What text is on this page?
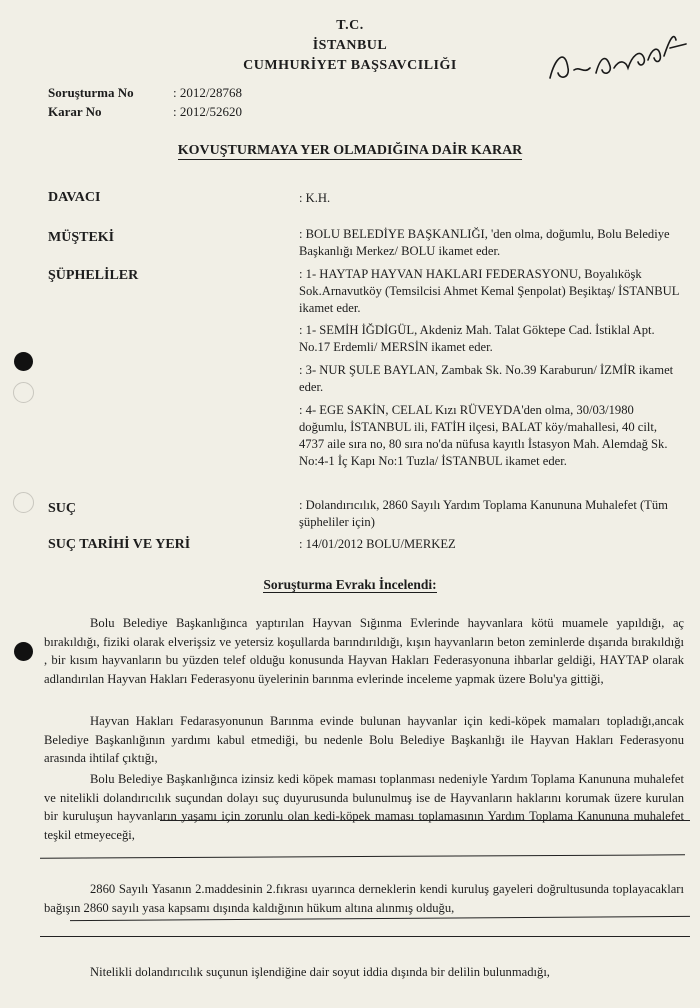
T.C.
İSTANBUL
CUMHURİYET BAŞSAVCILIĞI
Soruşturma No	: 2012/28768
Karar No	: 2012/52620
KOVUŞTURMAYA YER OLMADIĞINA DAİR KARAR
DAVACI	: K.H.
MÜŞTEKİ	: BOLU BELEDİYE BAŞKANLIĞI, 'den olma, doğumlu, Bolu Belediye Başkanlığı Merkez/ BOLU ikamet eder.
ŞÜPHELİLER	: 1- HAYTAP HAYVAN HAKLARI FEDERASYONU, Boyalıköşk Sok.Arnavutköy (Temsilcisi Ahmet Kemal Şenpolat) Beşiktaş/ İSTANBUL ikamet eder.
: 1- SEMİH İĞDİGÜL, Akdeniz Mah. Talat Göktepe Cad. İstiklal Apt. No.17 Erdemli/ MERSİN ikamet eder.
: 3- NUR ŞULE BAYLAN, Zambak Sk. No.39 Karaburun/ İZMİR ikamet eder.
: 4- EGE SAKİN, CELAL Kızı RÜVEYDA'den olma, 30/03/1980 doğumlu, İSTANBUL ili, FATİH ilçesi, BALAT köy/mahallesi, 40 cilt, 4737 aile sıra no, 80 sıra no'da nüfusa kayıtlı İstasyon Mah. Alemdağ Sk. No:4-1 İç Kapı No:1 Tuzla/ İSTANBUL ikamet eder.
SUÇ	: Dolandırıcılık, 2860 Sayılı Yardım Toplama Kanununa Muhalefet (Tüm şüpheliler için)
SUÇ TARİHİ VE YERİ	: 14/01/2012 BOLU/MERKEZ
Soruşturma Evrakı İncelendi:
Bolu Belediye Başkanlığınca yaptırılan Hayvan Sığınma Evlerinde hayvanlara kötü muamele yapıldığı, aç bırakıldığı, fiziki olarak elverişsiz ve yetersiz koşullarda barındırıldığı, kışın hayvanların beton zeminlerde dışarıda bırakıldığı , bir kısım hayvanların bu yüzden telef olduğu konusunda Hayvan Hakları Federasyonuna ihbarlar geldiği, HAYTAP olarak adlandırılan Hayvan Hakları Federasyonu üyelerinin barınma evlerinde inceleme yapmak üzere Bolu'ya gittiği,
Hayvan Hakları Fedarasyonunun Barınma evinde bulunan hayvanlar için kedi-köpek mamaları topladığı,ancak Belediye Başkanlığının yardımı kabul etmediği, bu nedenle Bolu Belediye Başkanlığı ile Hayvan Hakları Federasyonu arasında ihtilaf çıktığı,
Bolu Belediye Başkanlığınca izinsiz kedi köpek maması toplanması nedeniyle Yardım Toplama Kanununa muhalefet ve nitelikli dolandırıcılık suçundan dolayı suç duyurusunda bulunulmuş ise de Hayvanların haklarını korumak üzere kurulan bir kuruluşun hayvanların yaşamı için zorunlu olan kedi-köpek maması toplamasının Yardım Toplama Kanununa muhalefet teşkil etmeyeceği,
2860 Sayılı Yasanın 2.maddesinin 2.fıkrası uyarınca derneklerin kendi kuruluş gayeleri doğrultusunda toplayacakları bağışın 2860 sayılı yasa kapsamı dışında kaldığının hükum altına alınmış olduğu,
Nitelikli dolandırıcılık suçunun işlendiğine dair soyut iddia dışında bir delilin bulunmadığı,
